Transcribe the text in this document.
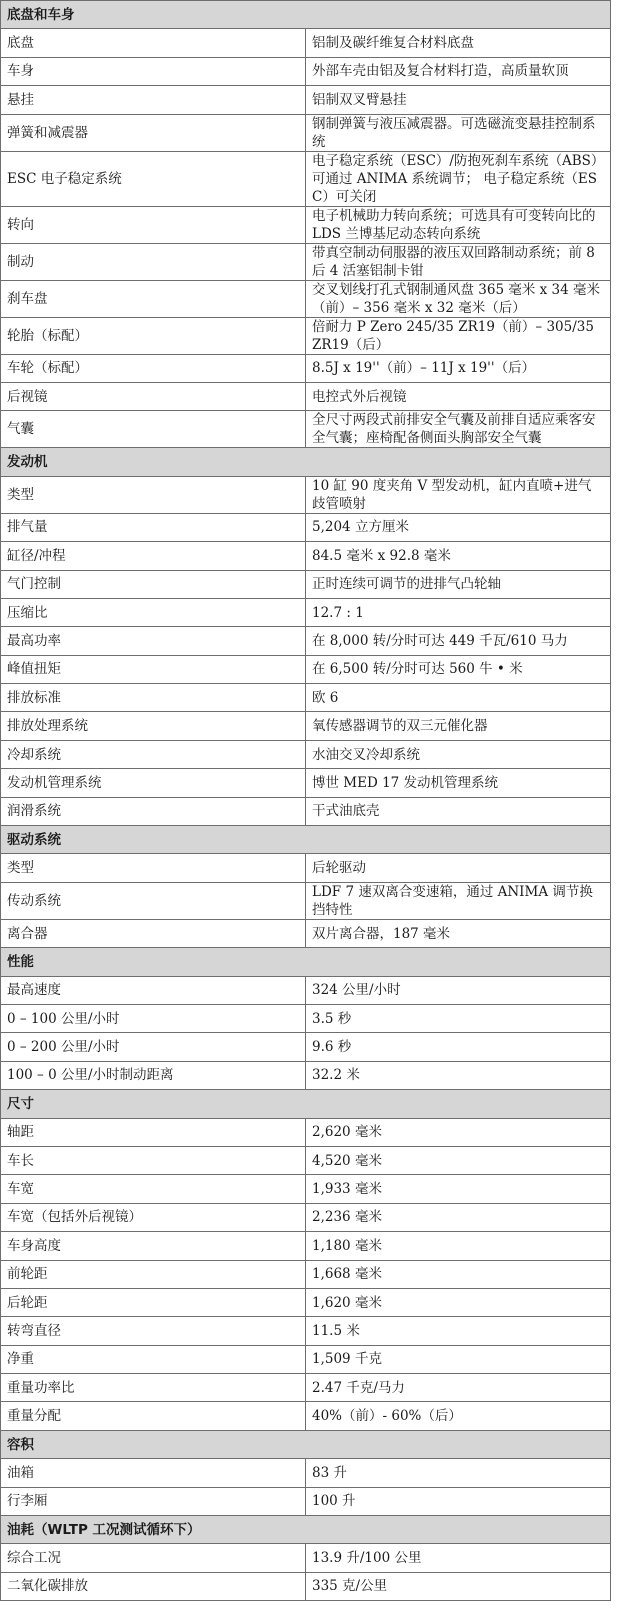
底盘和车身	
底盘	铝制及碳纤维复合材料底盘
车身	外部车壳由铝及复合材料打造，高质量软顶
悬挂	铝制双叉臂悬挂
弹簧和减震器	钢制弹簧与液压减震器。可选磁流变悬挂控制系统
ESC 电子稳定系统	电子稳定系统（ESC）/防抱死刹车系统（ABS）可通过 ANIMA 系统调节； 电子稳定系统（ESC）可关闭
转向	电子机械助力转向系统；可选具有可变转向比的 LDS 兰博基尼动态转向系统
制动	带真空制动伺服器的液压双回路制动系统；前 8 后 4 活塞铝制卡钳
刹车盘	交叉划线打孔式钢制通风盘 365 毫米 x 34 毫米（前）– 356 毫米 x 32 毫米（后）
轮胎（标配）	倍耐力 P Zero 245/35 ZR19（前）– 305/35 ZR19（后）
车轮（标配）	8.5J x 19''（前）– 11J x 19''（后）
后视镜	电控式外后视镜
气囊	全尺寸两段式前排安全气囊及前排自适应乘客安全气囊；座椅配备侧面头胸部安全气囊
发动机	
类型	10 缸 90 度夹角 V 型发动机，缸内直喷+进气歧管喷射
排气量	5,204 立方厘米
缸径/冲程	84.5 毫米 x 92.8 毫米
气门控制	正时连续可调节的进排气凸轮轴
压缩比	12.7 : 1
最高功率	在 8,000 转/分时可达 449 千瓦/610 马力
峰值扭矩	在 6,500 转/分时可达 560 牛 • 米
排放标准	欧 6
排放处理系统	氧传感器调节的双三元催化器
冷却系统	水油交叉冷却系统
发动机管理系统	博世 MED 17 发动机管理系统
润滑系统	干式油底壳
驱动系统	
类型	后轮驱动
传动系统	LDF 7 速双离合变速箱，通过 ANIMA 调节换挡特性
离合器	双片离合器，187 毫米
性能	
最高速度	324 公里/小时
0 – 100 公里/小时	3.5 秒
0 – 200 公里/小时	9.6 秒
100 – 0 公里/小时制动距离	32.2 米
尺寸	
轴距	2,620 毫米
车长	4,520 毫米
车宽	1,933 毫米
车宽（包括外后视镜）	2,236 毫米
车身高度	1,180 毫米
前轮距	1,668 毫米
后轮距	1,620 毫米
转弯直径	11.5 米
净重	1,509 千克
重量功率比	2.47 千克/马力
重量分配	40%（前）- 60%（后）
容积	
油箱	83 升
行李厢	100 升
油耗（WLTP 工况测试循环下）	
综合工况	13.9 升/100 公里
二氧化碳排放	335 克/公里
